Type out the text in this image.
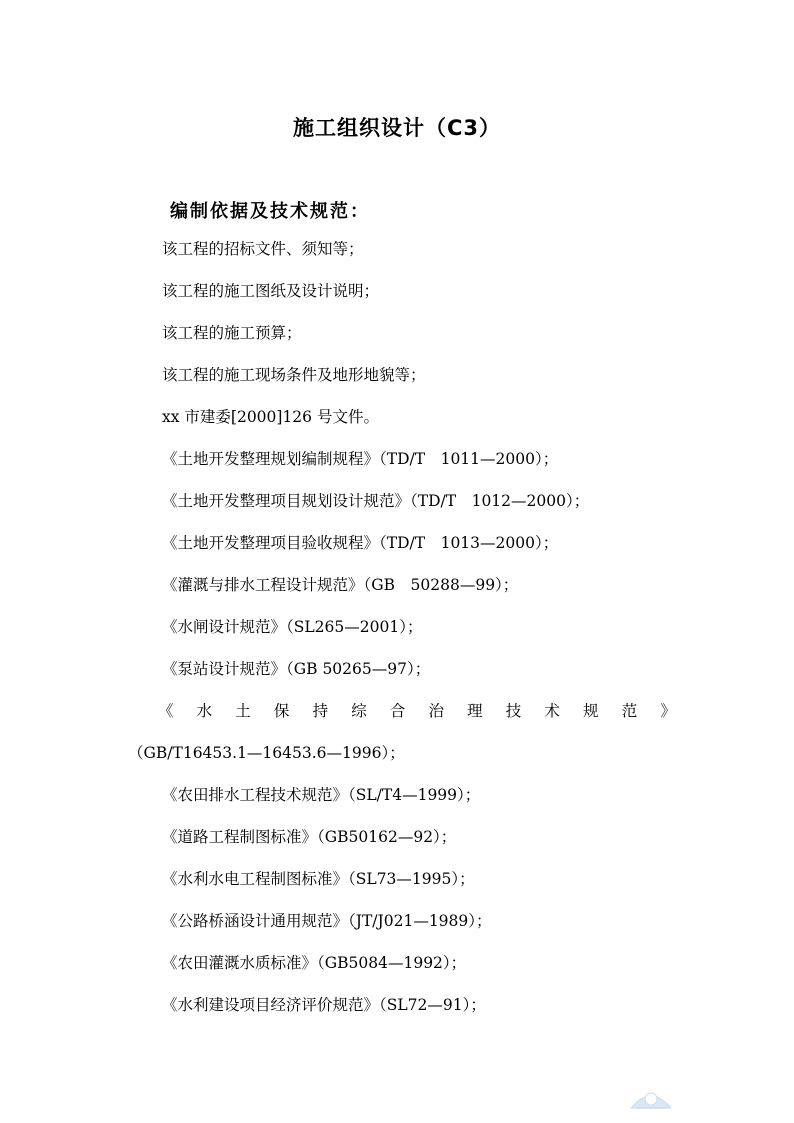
施工组织设计（C3）
编制依据及技术规范：
该工程的招标文件、须知等；
该工程的施工图纸及设计说明；
该工程的施工预算；
该工程的施工现场条件及地形地貌等；
xx 市建委[2000]126 号文件。
《土地开发整理规划编制规程》（TD/T　1011—2000）；
《土地开发整理项目规划设计规范》（TD/T　1012—2000）；
《土地开发整理项目验收规程》（TD/T　1013—2000）；
《灌溉与排水工程设计规范》（GB　50288—99）；
《水闸设计规范》（SL265—2001）；
《泵站设计规范》（GB 50265—97）；
《 水 土 保 持 综 合 治 理 技 术 规 范 》
（GB/T16453.1—16453.6—1996）；
《农田排水工程技术规范》（SL/T4—1999）；
《道路工程制图标准》（GB50162—92）；
《水利水电工程制图标准》（SL73—1995）；
《公路桥涵设计通用规范》（JT/J021—1989）；
《农田灌溉水质标准》（GB5084—1992）；
《水利建设项目经济评价规范》（SL72—91）；
